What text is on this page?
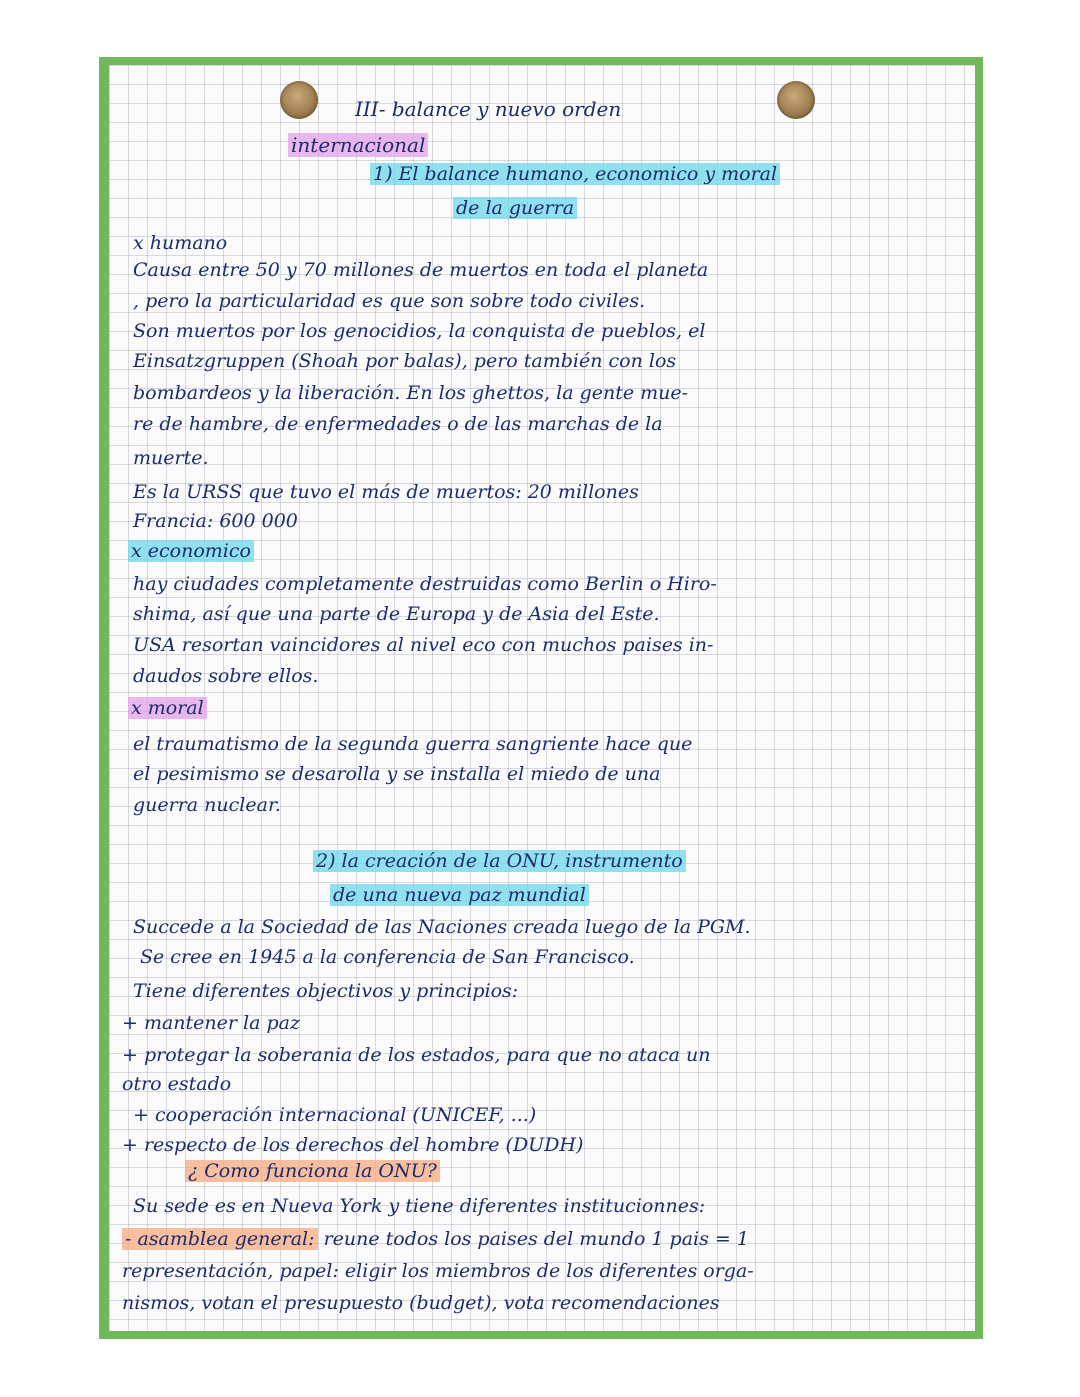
III- balance y nuevo orden
internacional
1) El balance humano, economico y moral
de la guerra
x humano
Causa entre 50 y 70 millones de muertos en toda el planeta
, pero la particularidad es que son sobre todo civiles.
Son muertos por los genocidios, la conquista de pueblos, el
Einsatzgruppen (Shoah por balas), pero también con los
bombardeos y la liberación. En los ghettos, la gente mue-
re de hambre, de enfermedades o de las marchas de la
muerte.
Es la URSS que tuvo el más de muertos: 20 millones
Francia: 600 000
x economico
hay ciudades completamente destruidas como Berlin o Hiro-
shima, así que una parte de Europa y de Asia del Este.
USA resortan vaincidores al nivel eco con muchos paises in-
daudos sobre ellos.
x moral
el traumatismo de la segunda guerra sangriente hace que
el pesimismo se desarolla y se installa el miedo de una
guerra nuclear.
2) la creación de la ONU, instrumento
de una nueva paz mundial
Succede a la Sociedad de las Naciones creada luego de la PGM.
Se cree en 1945 a la conferencia de San Francisco.
Tiene diferentes objectivos y principios:
+ mantener la paz
+ protegar la soberania de los estados, para que no ataca un
otro estado
+ cooperación internacional (UNICEF, ...)
+ respecto de los derechos del hombre (DUDH)
¿ Como funciona la ONU?
Su sede es en Nueva York y tiene diferentes institucionnes:
- asamblea general: reune todos los paises del mundo 1 pais = 1
representación, papel: eligir los miembros de los diferentes orga-
nismos, votan el presupuesto (budget), vota recomendaciones
